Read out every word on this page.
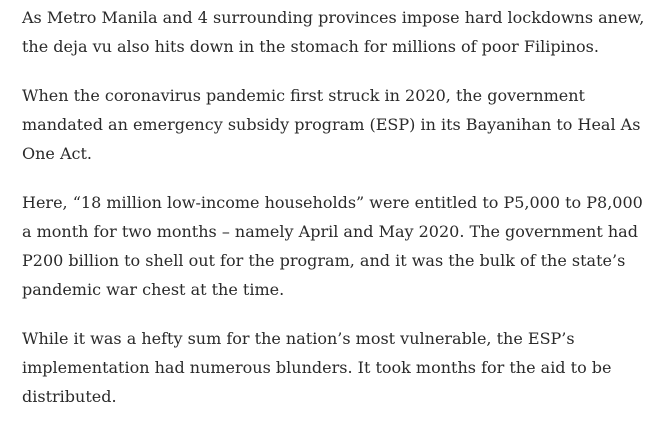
As Metro Manila and 4 surrounding provinces impose hard lockdowns anew,
the deja vu also hits down in the stomach for millions of poor Filipinos.

When the coronavirus pandemic first struck in 2020, the government
mandated an emergency subsidy program (ESP) in its Bayanihan to Heal As
One Act.

Here, “18 million low-income households” were entitled to P5,000 to P8,000
a month for two months – namely April and May 2020. The government had
P200 billion to shell out for the program, and it was the bulk of the state’s
pandemic war chest at the time.

While it was a hefty sum for the nation’s most vulnerable, the ESP’s
implementation had numerous blunders. It took months for the aid to be
distributed.
